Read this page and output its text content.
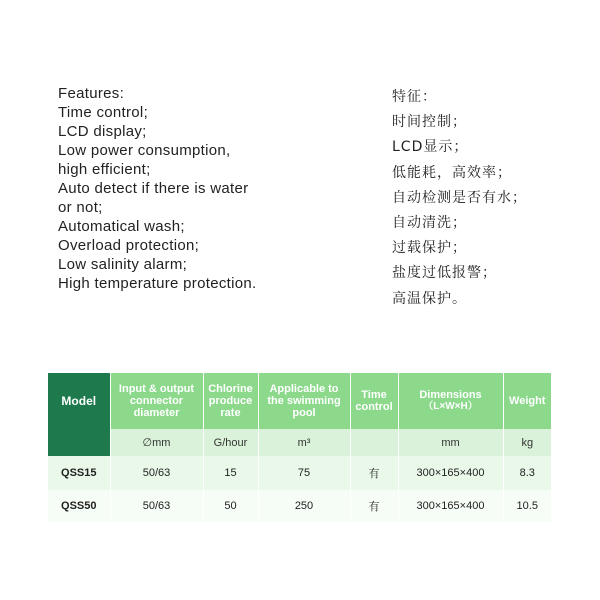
Features:
Time control;
LCD display;
Low power consumption,
high efficient;
Auto detect if there is water
or not;
Automatical wash;
Overload protection;
Low salinity alarm;
High temperature protection.
特征：
时间控制；
LCD显示；
低能耗，高效率；
自动检测是否有水；
自动清洗；
过载保护；
盐度过低报警；
高温保护。
Model	Input & output
connector
diameter	Chlorine
produce
rate	Applicable to
the swimming
pool	Time
control	Dimensions
（L×W×H）	Weight
	∅mm	G/hour	m³		mm	kg
QSS15	50/63	15	75	有	300×165×400	8.3
QSS50	50/63	50	250	有	300×165×400	10.5
